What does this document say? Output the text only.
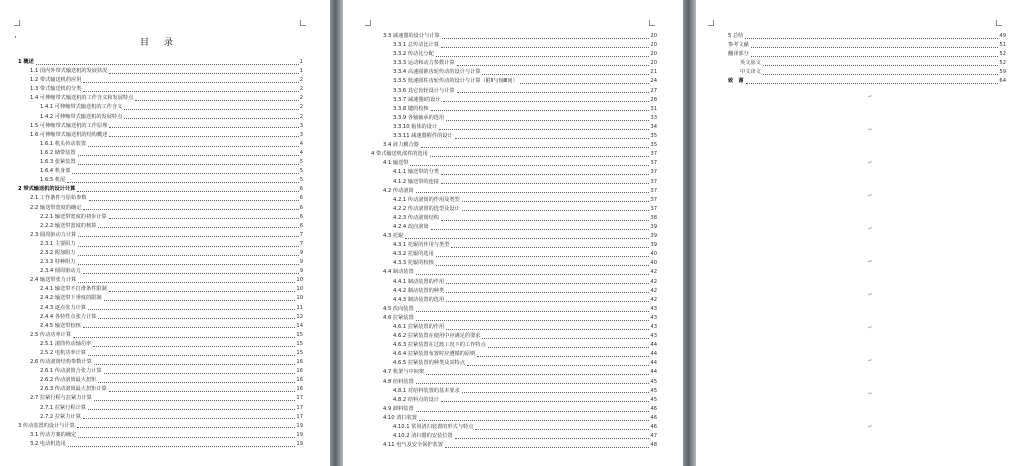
·	目　录
1 概述	1
1.1 国内外带式输送机的发展状况	1
1.2 带式输送机的应用	2
1.3 带式输送机的分类	2
1.4 可伸缩带式输送机的工作含义和发展特点	2
1.4.1 可伸缩带式输送机的工作含义	2
1.4.2 可伸缩带式输送机的发展特点	2
1.5 可伸缩带式输送机的工作原理	3
1.6 可伸缩带式输送机的结构概述	3
1.6.1 机头传动装置	4
1.6.2 储带装置	4
1.6.3 张紧装置	5
1.6.4 机身部	5
1.6.5 机尾	5
2 带式输送机的设计计算	6
2.1 工作条件与原始参数	6
2.2 输送带宽度的确定	6
2.2.1 输送带宽度的初步计算	6
2.2.2 输送带宽度的核算	6
2.3 圆周驱动力计算	7
2.3.1 主要阻力	7
2.3.2 附加阻力	9
2.3.3 特种阻力	9
2.3.4 圆周驱动力	9
2.4 输送带张力计算	10
2.4.1 输送带不打滑条件限制	10
2.4.2 输送带下垂度的限制	10
2.4.3 逐点张力计算	11
2.4.4 各特性点张力计算	12
2.4.5 输送带校核	14
2.5 传动功率计算	15
2.5.1 滚筒传动轴功率	15
2.5.2 电机功率计算	15
2.6 传动滚筒结构参数计算	16
2.6.1 传动滚筒合张力计算	16
2.6.2 传动滚筒最大扭矩	16
2.6.3 传动滚筒最大扭矩计算	16
2.7 拉紧行程与拉紧力计算	17
2.7.1 拉紧行程计算	17
2.7.2 拉紧力计算	17
3 传动装置的设计与计算	19
3.1 传动方案的确定	19
3.2 电动机选用	19
3.3 减速器的设计与计算	20
3.3.1 总传动比计算	20
3.3.2 传动比分配	20
3.3.3 运动和动力参数计算	20
3.3.4 高速圆锥齿轮传动的设计与计算	21
3.3.5 低速圆柱齿轮传动的设计与计算（附Ⅱ与轴Ⅲ间）	24
3.3.6 其它齿轮设计与计算	27
3.3.7 减速器Ⅰ的设计	28
3.3.8 键的校核	31
3.3.9 各轴轴承的选用	33
3.3.10 箱体的设计	34
3.3.11 减速器附件的设计	35
3.4 液力耦合器	35
4 带式输送机部件的选用	37
4.1 输送带	37
4.1.1 输送带的分类	37
4.1.2 输送带的连接	37
4.2 传动滚筒	37
4.2.1 传动滚筒的作用及类型	37
4.2.2 传动滚筒的选型及设计	37
4.2.3 传动滚筒结构	38
4.2.4 改向滚筒	39
4.3 托辊	39
4.3.1 托辊的作用与类型	39
4.3.2 托辊的选用	40
4.3.3 托辊的校核	40
4.4 制动装置	42
4.4.1 制动装置的作用	42
4.4.2 制动装置的种类	42
4.4.3 制动装置的选用	42
4.5 改向装置	43
4.6 拉紧装置	43
4.6.1 拉紧装置的作用	43
4.6.2 拉紧装置在使用中应满足的要求	43
4.6.3 拉紧装置在过渡工况下的工作特点	44
4.6.4 拉紧装置布置时应遵循的原则	44
4.6.5 拉紧装置的种类及其特点	44
4.7 机架与中间架	44
4.8 给料装置	45
4.8.1 对给料装置的基本要求	45
4.8.2 给料点的设计	45
4.9 卸料装置	46
4.10 清扫装置	46
4.10.1 常用清扫装置的形式与特点	46
4.10.2 清扫器的安装位置	47
4.11 电气及安全保护装置	48
5 总结	49
参考文献	51
翻译部分	52
英文原文	52
中文译文	59
致　谢	64
↵
↵
↵
↵
↵
↵
↵
↵
↵
↵
↵
